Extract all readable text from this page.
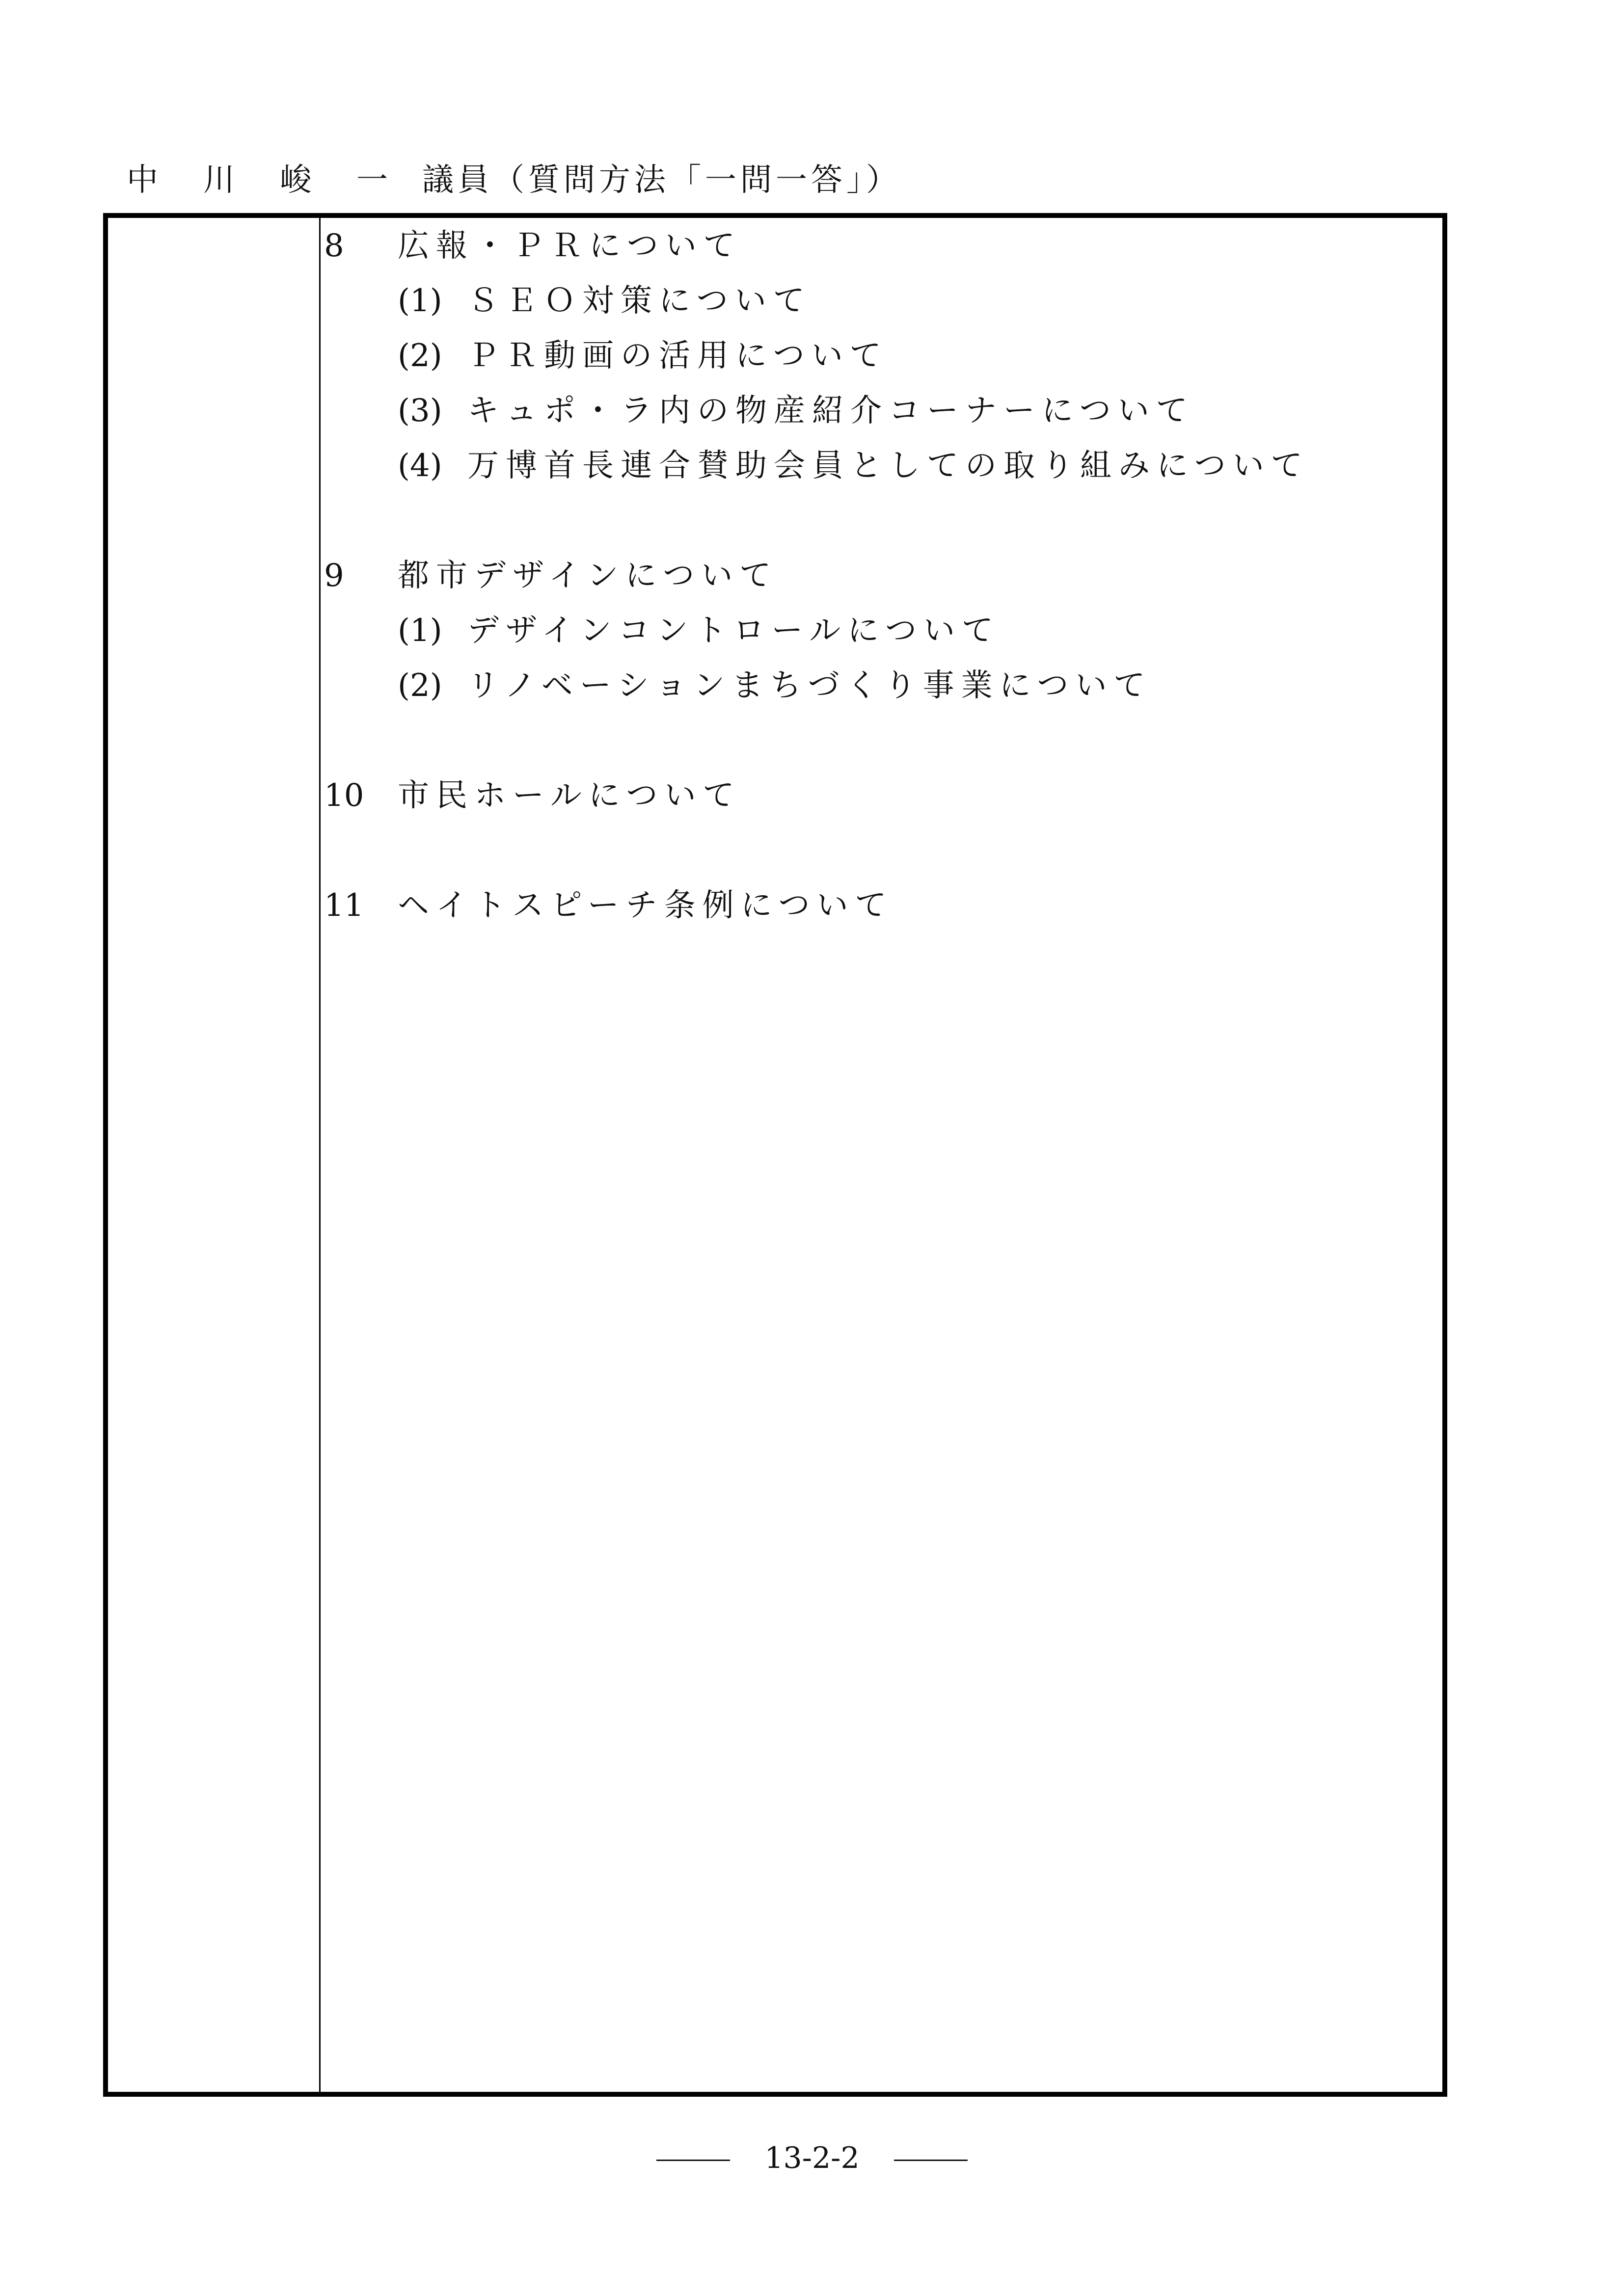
中 川 峻 一 議員（質問方法「一問一答」）
8	広報・ＰＲについて
(1) ＳＥＯ対策について
(2) ＰＲ動画の活用について
(3) キュポ・ラ内の物産紹介コーナーについて
(4) 万博首長連合賛助会員としての取り組みについて
9	都市デザインについて
(1) デザインコントロールについて
(2) リノベーションまちづくり事業について
10	市民ホールについて
11	ヘイトスピーチ条例について
13-2-2
